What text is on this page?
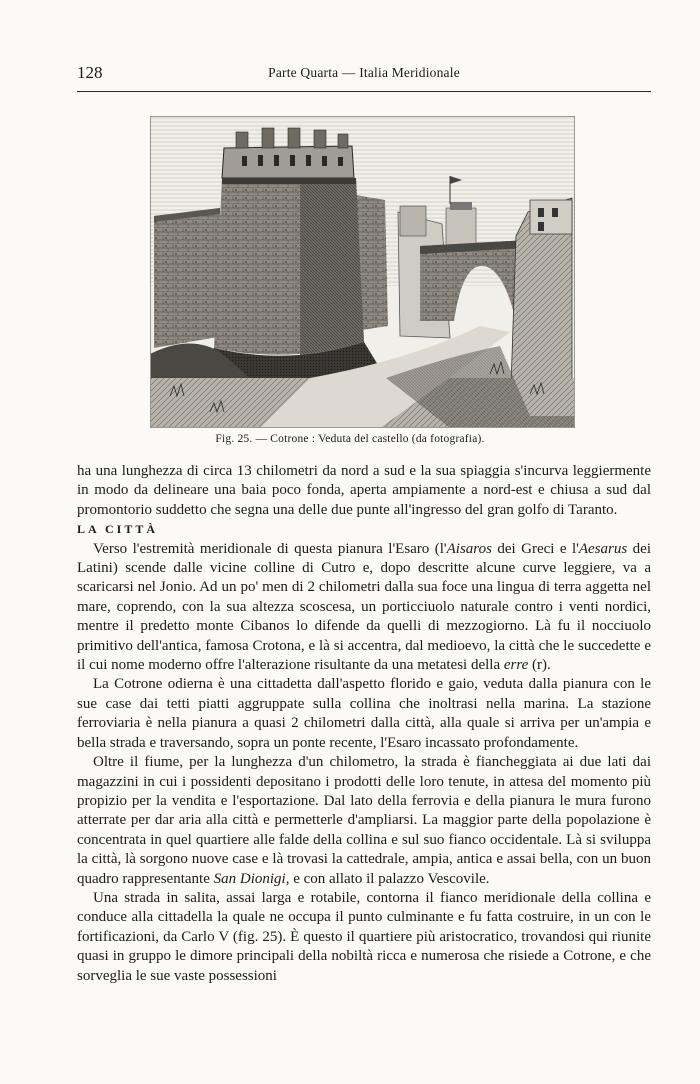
128	Parte Quarta — Italia Meridionale
Fig. 25. — Cotrone : Veduta del castello (da fotografia).

ha una lunghezza di circa 13 chilometri da nord a sud e la sua spiaggia s'incurva leggiermente in modo da delineare una baia poco fonda, aperta ampiamente a nord-est e chiusa a sud dal promontorio suddetto che segna una delle due punte all'ingresso del gran golfo di Taranto.

LA CITTÀ

Verso l'estremità meridionale di questa pianura l'Esaro (l'Aisaros dei Greci e l'Aesarus dei Latini) scende dalle vicine colline di Cutro e, dopo descritte alcune curve leggiere, va a scaricarsi nel Jonio. Ad un po' men di 2 chilometri dalla sua foce una lingua di terra aggetta nel mare, coprendo, con la sua altezza scoscesa, un porticciuolo naturale contro i venti nordici, mentre il predetto monte Cibanos lo difende da quelli di mezzogiorno. Là fu il nocciuolo primitivo dell'antica, famosa Crotona, e là si accentra, dal medioevo, la città che le succedette e il cui nome moderno offre l'alterazione risultante da una metatesi della erre (r).

La Cotrone odierna è una cittadetta dall'aspetto florido e gaio, veduta dalla pianura con le sue case dai tetti piatti aggruppate sulla collina che inoltrasi nella marina. La stazione ferroviaria è nella pianura a quasi 2 chilometri dalla città, alla quale si arriva per un'ampia e bella strada e traversando, sopra un ponte recente, l'Esaro incassato profondamente.

Oltre il fiume, per la lunghezza d'un chilometro, la strada è fiancheggiata ai due lati dai magazzini in cui i possidenti depositano i prodotti delle loro tenute, in attesa del momento più propizio per la vendita e l'esportazione. Dal lato della ferrovia e della pianura le mura furono atterrate per dar aria alla città e permetterle d'ampliarsi. La maggior parte della popolazione è concentrata in quel quartiere alle falde della collina e sul suo fianco occidentale. Là si sviluppa la città, là sorgono nuove case e là trovasi la cattedrale, ampia, antica e assai bella, con un buon quadro rappresentante San Dionigi, e con allato il palazzo Vescovile.

Una strada in salita, assai larga e rotabile, contorna il fianco meridionale della collina e conduce alla cittadella la quale ne occupa il punto culminante e fu fatta costruire, in un con le fortificazioni, da Carlo V (fig. 25). È questo il quartiere più aristocratico, trovandosi qui riunite quasi in gruppo le dimore principali della nobiltà ricca e numerosa che risiede a Cotrone, e che sorveglia le sue vaste possessioni
